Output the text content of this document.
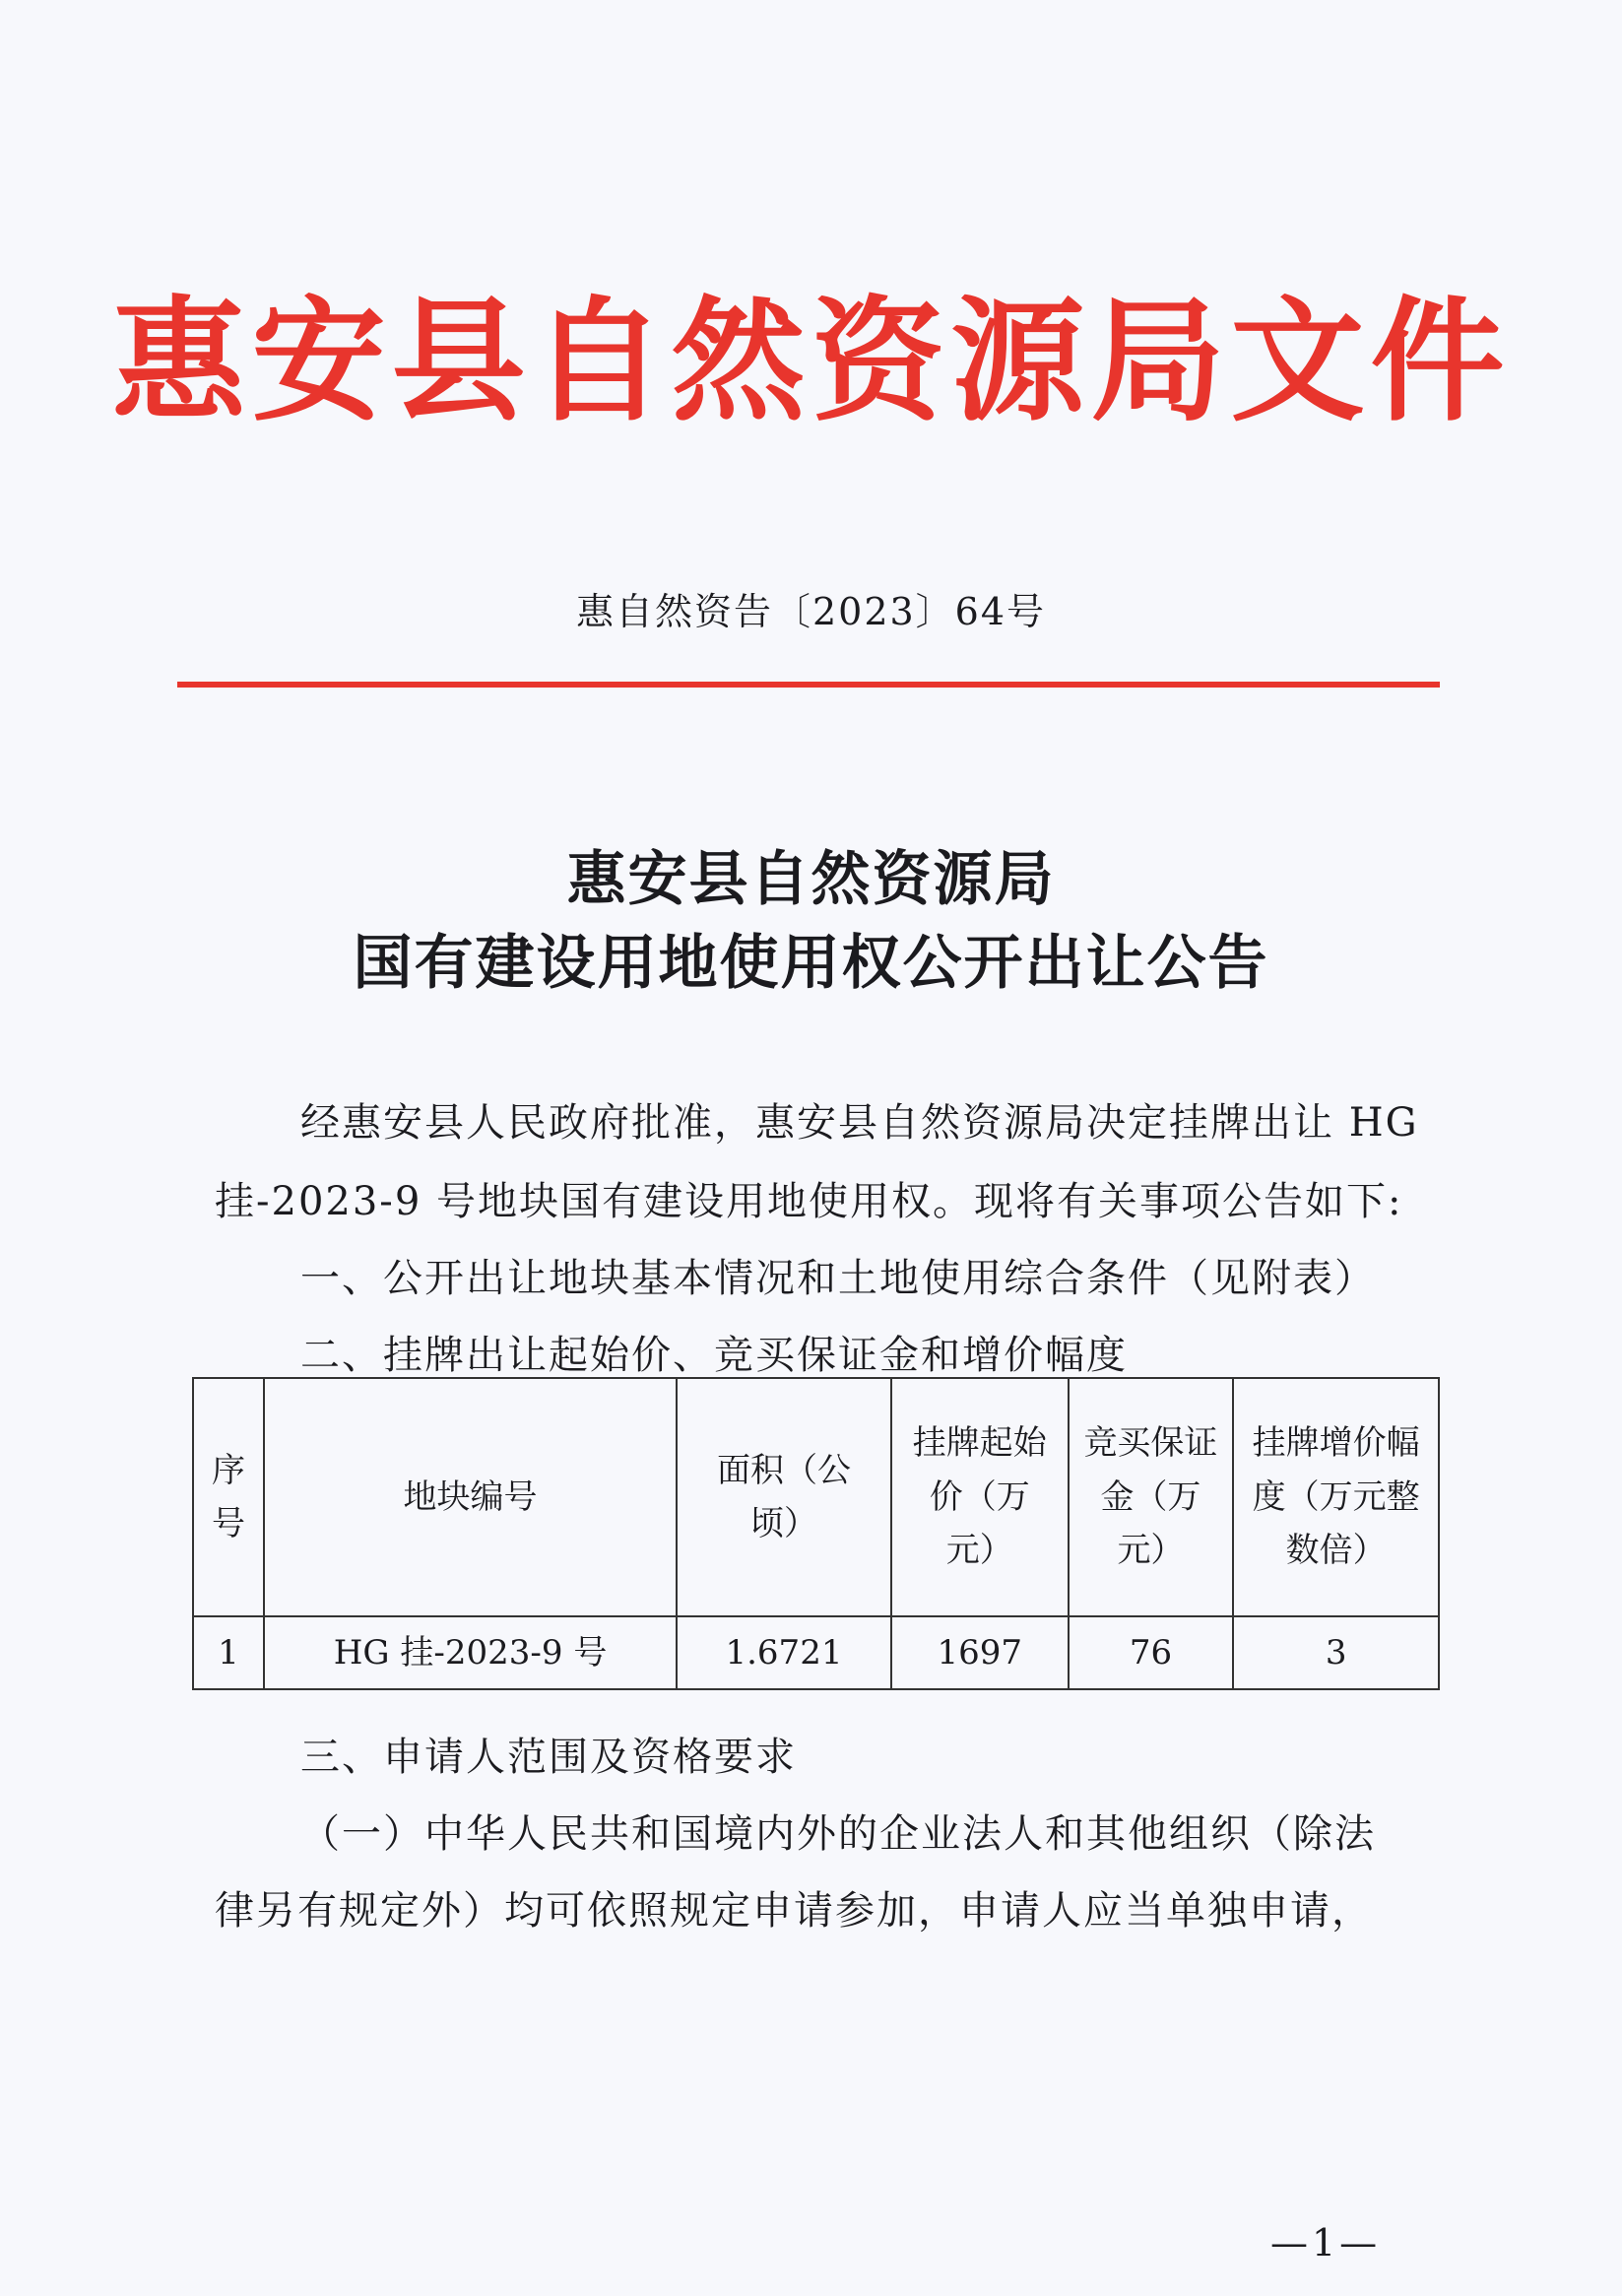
惠安县自然资源局文件
惠自然资告〔2023〕64号
惠安县自然资源局
国有建设用地使用权公开出让公告
经惠安县人民政府批准，惠安县自然资源局决定挂牌出让 HG
挂-2023-9 号地块国有建设用地使用权。现将有关事项公告如下:
一、公开出让地块基本情况和土地使用综合条件（见附表）
二、挂牌出让起始价、竞买保证金和增价幅度
序号	地块编号	面积（公顷）	挂牌起始价（万元）	竞买保证金（万元）	挂牌增价幅度（万元整数倍）
1	HG 挂-2023-9 号	1.6721	1697	76	3
三、申请人范围及资格要求
（一）中华人民共和国境内外的企业法人和其他组织（除法
律另有规定外）均可依照规定申请参加，申请人应当单独申请，
—1—
